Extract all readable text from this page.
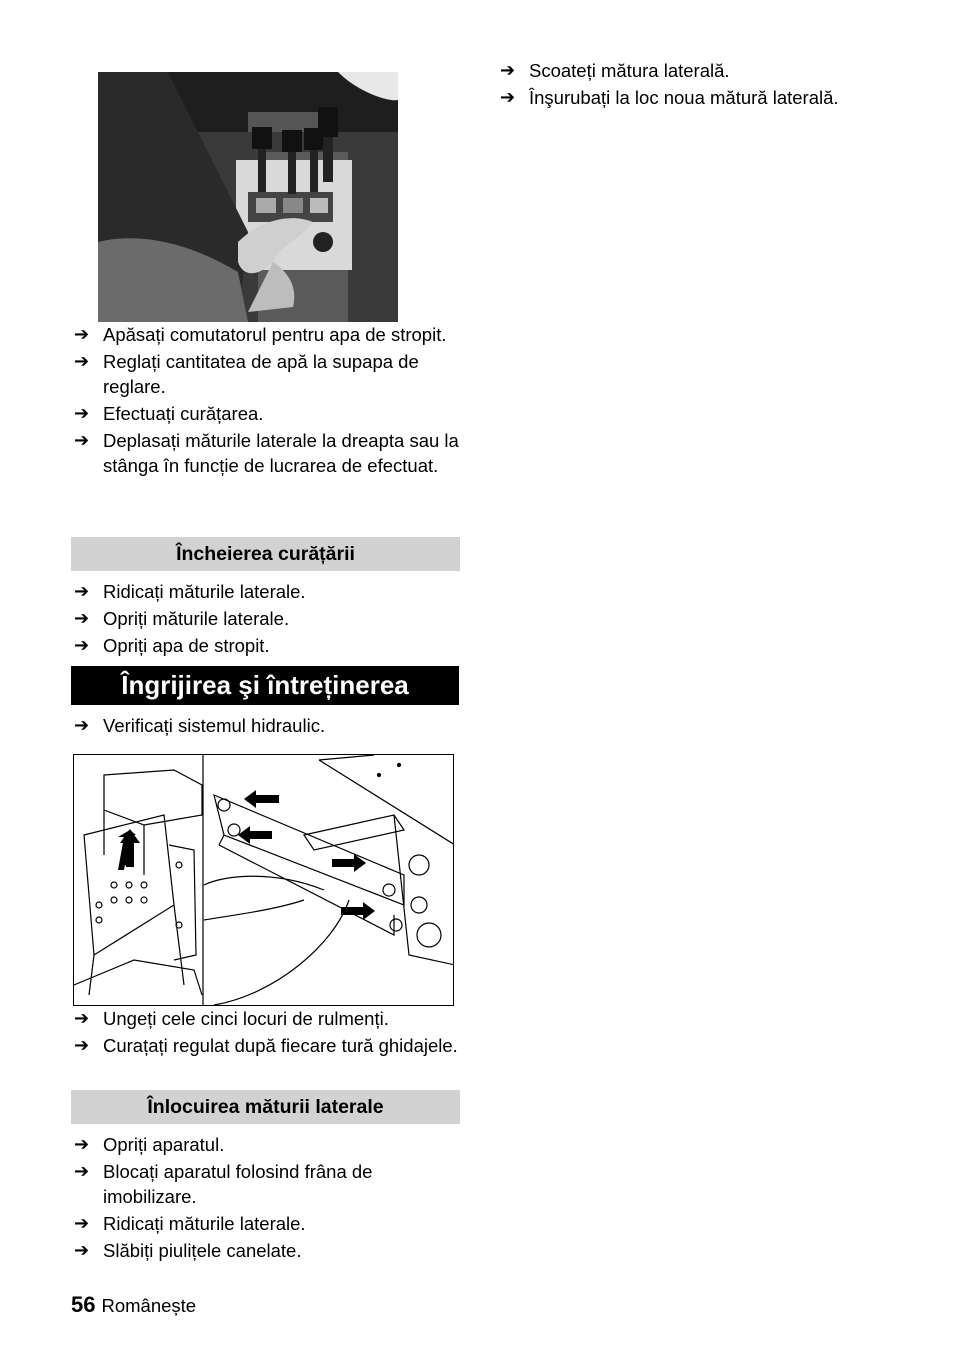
➔ Apăsați comutatorul pentru apa de stropit.
➔ Reglați cantitatea de apă la supapa de reglare.
➔ Efectuați curățarea.
➔ Deplasați măturile laterale la dreapta sau la stânga în funcție de lucrarea de efectuat.
Încheierea curățării
➔ Ridicați măturile laterale.
➔ Opriți măturile laterale.
➔ Opriți apa de stropit.
Îngrijirea şi întreținerea
➔ Verificați sistemul hidraulic.
➔ Ungeți cele cinci locuri de rulmenți.
➔ Curațați regulat după fiecare tură ghidajele.
Înlocuirea măturii laterale
➔ Opriți aparatul.
➔ Blocați aparatul folosind frâna de imobilizare.
➔ Ridicați măturile laterale.
➔ Slăbiți piulițele canelate.
➔ Scoateți mătura laterală.
➔ Înşurubați la loc noua mătură laterală.
56 Românește
